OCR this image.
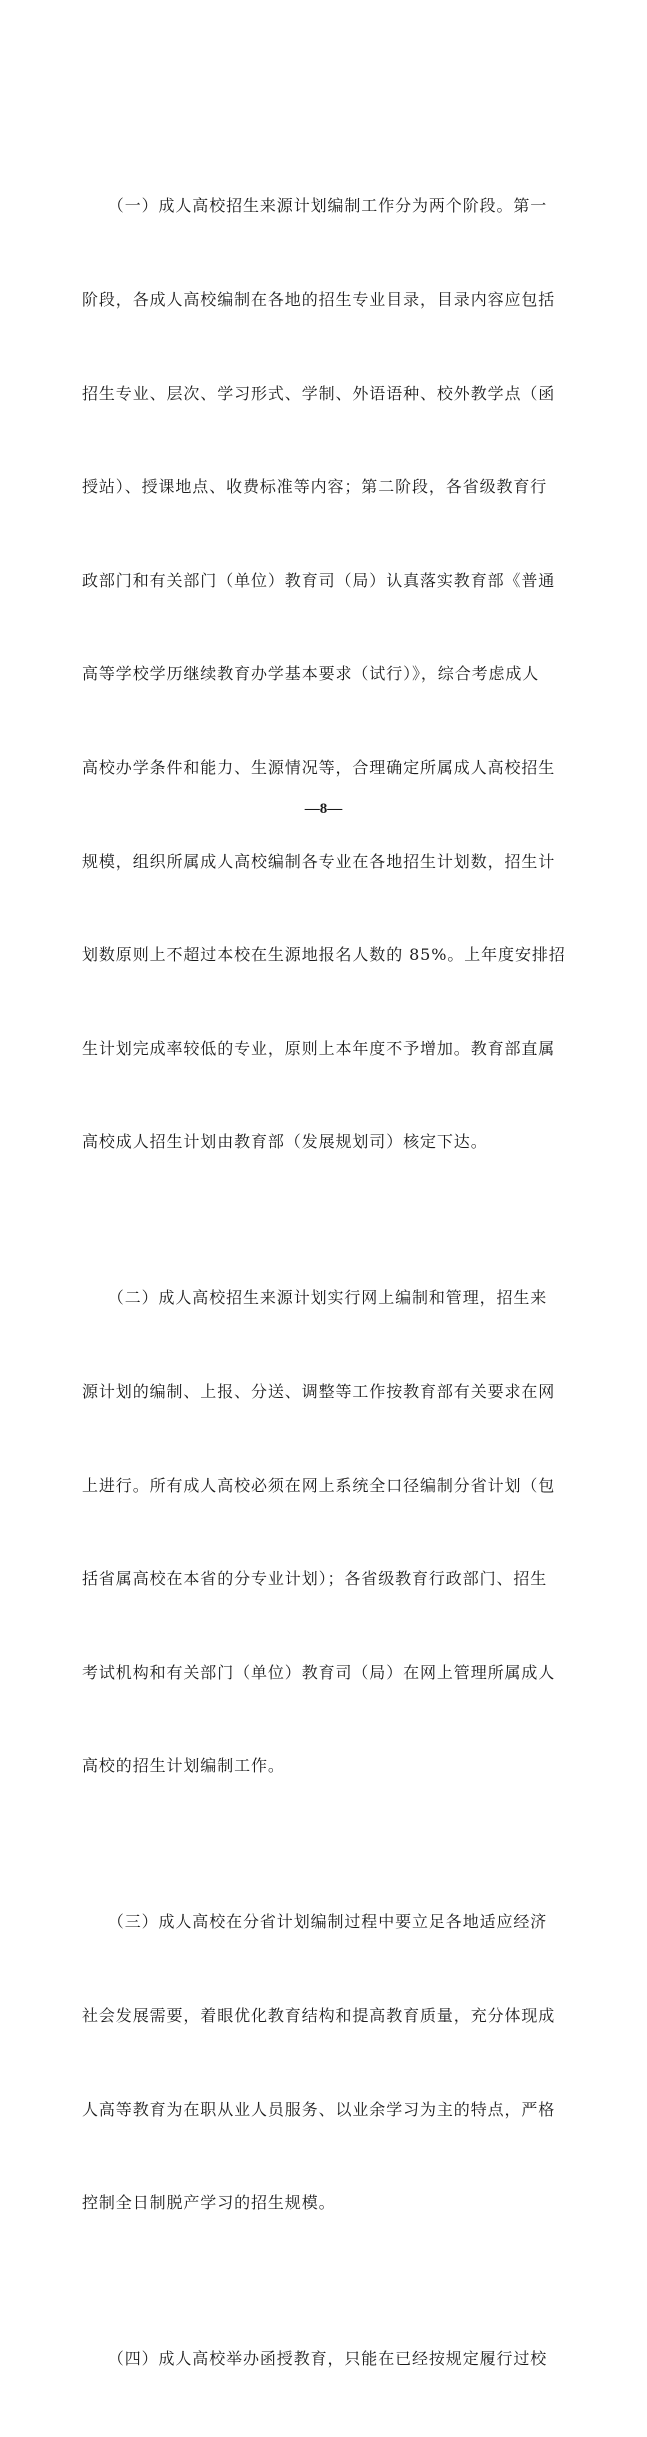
　　（一）成人高校招生来源计划编制工作分为两个阶段。第一

阶段，各成人高校编制在各地的招生专业目录，目录内容应包括

招生专业、层次、学习形式、学制、外语语种、校外教学点（函

授站）、授课地点、收费标准等内容；第二阶段，各省级教育行

政部门和有关部门（单位）教育司（局）认真落实教育部《普通

高等学校学历继续教育办学基本要求（试行）》，综合考虑成人

高校办学条件和能力、生源情况等，合理确定所属成人高校招生

规模，组织所属成人高校编制各专业在各地招生计划数，招生计

划数原则上不超过本校在生源地报名人数的 85%。上年度安排招

生计划完成率较低的专业，原则上本年度不予增加。教育部直属

高校成人招生计划由教育部（发展规划司）核定下达。

　　（二）成人高校招生来源计划实行网上编制和管理，招生来

源计划的编制、上报、分送、调整等工作按教育部有关要求在网

上进行。所有成人高校必须在网上系统全口径编制分省计划（包

括省属高校在本省的分专业计划）；各省级教育行政部门、招生

考试机构和有关部门（单位）教育司（局）在网上管理所属成人

高校的招生计划编制工作。

　　（三）成人高校在分省计划编制过程中要立足各地适应经济

社会发展需要，着眼优化教育结构和提高教育质量，充分体现成

人高等教育为在职从业人员服务、以业余学习为主的特点，严格

控制全日制脱产学习的招生规模。

　　（四）成人高校举办函授教育，只能在已经按规定履行过校

—8—
